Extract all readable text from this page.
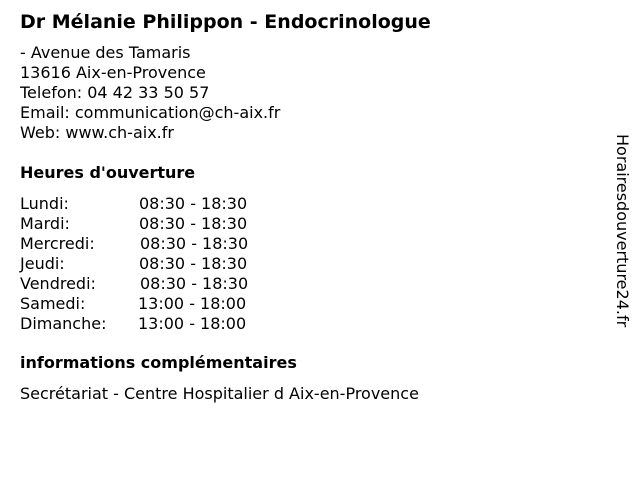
Dr Mélanie Philippon - Endocrinologue
- Avenue des Tamaris
13616 Aix-en-Provence
Telefon: 04 42 33 50 57
Email: communication@ch-aix.fr
Web: www.ch-aix.fr
Heures d'ouverture
Lundi:	08:30 - 18:30
Mardi:	08:30 - 18:30
Mercredi:	08:30 - 18:30
Jeudi:	08:30 - 18:30
Vendredi:	08:30 - 18:30
Samedi:	13:00 - 18:00
Dimanche: 13:00 - 18:00
informations complémentaires
Secrétariat - Centre Hospitalier d Aix-en-Provence
Horairesdouverture24.fr
